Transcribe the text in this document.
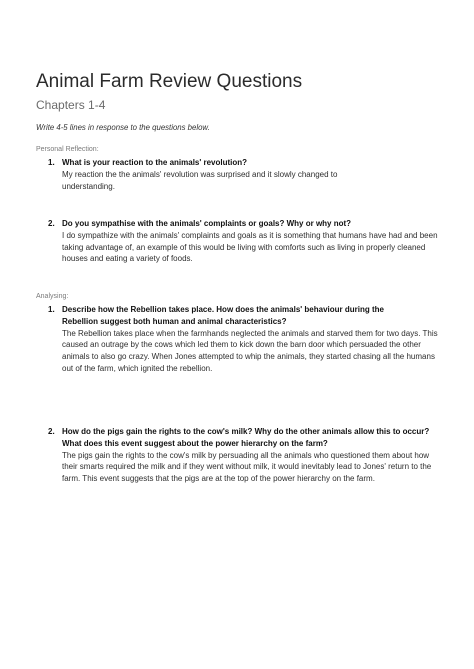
Animal Farm Review Questions
Chapters 1-4
Write 4-5 lines in response to the questions below.
Personal Reflection:
1. What is your reaction to the animals' revolution?

My reaction the the animals' revolution was surprised and it slowly changed to understanding.

2. Do you sympathise with the animals' complaints or goals? Why or why not?

I do sympathize with the animals' complaints and goals as it is something that humans have had and been taking advantage of, an example of this would be living with comforts such as living in properly cleaned houses and eating a variety of foods.

Analysing:
1. Describe how the Rebellion takes place. How does the animals' behaviour during the Rebellion suggest both human and animal characteristics?

The Rebellion takes place when the farmhands neglected the animals and starved them for two days. This caused an outrage by the cows which led them to kick down the barn door which persuaded the other animals to also go crazy. When Jones attempted to whip the animals, they started chasing all the humans out of the farm, which ignited the rebellion.

2. How do the pigs gain the rights to the cow's milk? Why do the other animals allow this to occur? What does this event suggest about the power hierarchy on the farm?

The pigs gain the rights to the cow's milk by persuading all the animals who questioned them about how their smarts required the milk and if they went without milk, it would inevitably lead to Jones' return to the farm. This event suggests that the pigs are at the top of the power hierarchy on the farm.
